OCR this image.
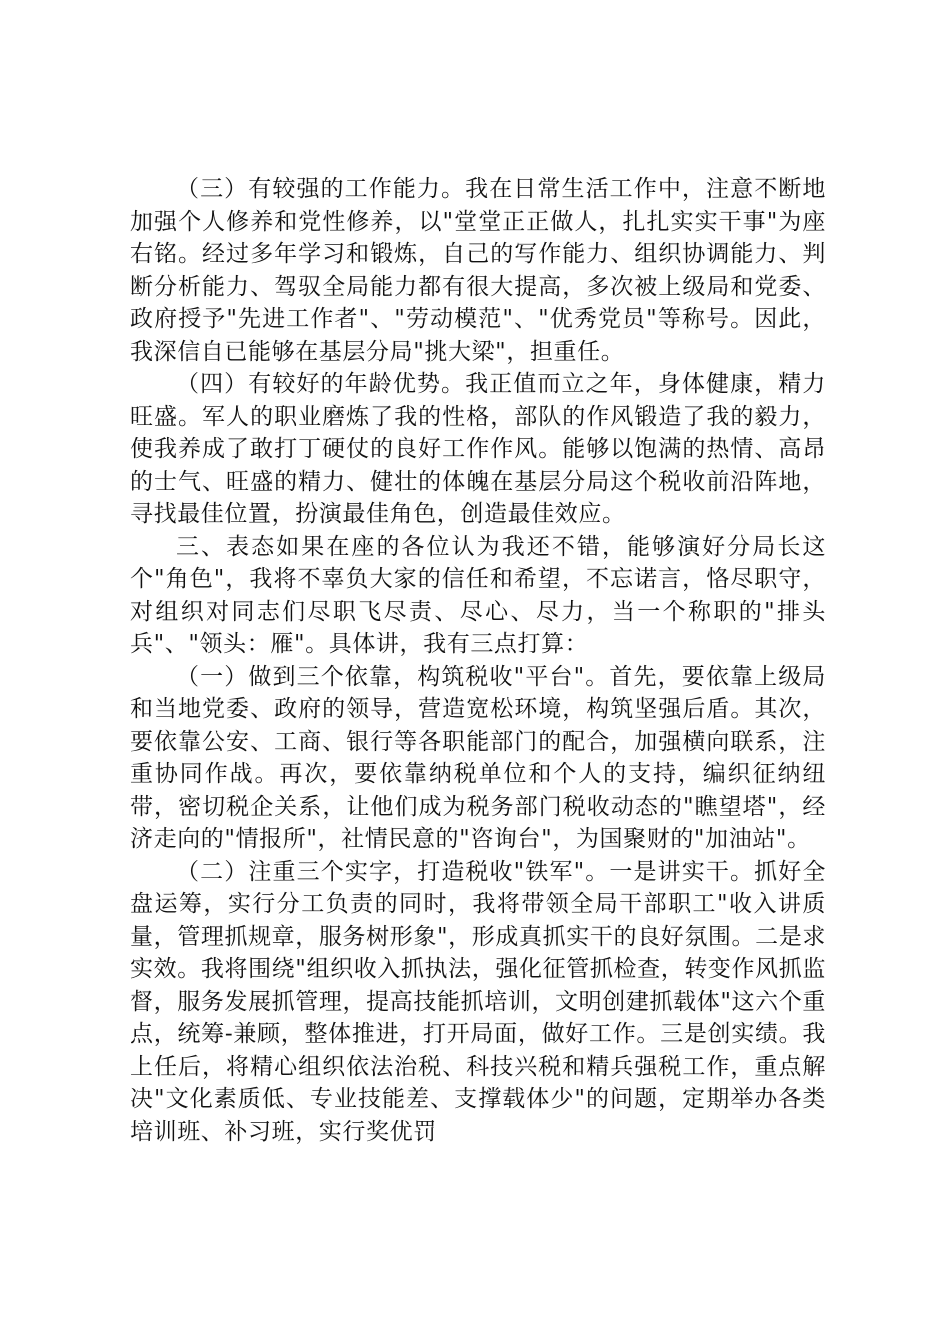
（三）有较强的工作能力。我在日常生活工作中，注意不断地加强个人修养和党性修养，以"堂堂正正做人，扎扎实实干事"为座右铭。经过多年学习和锻炼，自己的写作能力、组织协调能力、判断分析能力、驾驭全局能力都有很大提高，多次被上级局和党委、政府授予"先进工作者"、"劳动模范"、"优秀党员"等称号。因此，我深信自已能够在基层分局"挑大梁"，担重任。

（四）有较好的年龄优势。我正值而立之年，身体健康，精力旺盛。军人的职业磨炼了我的性格，部队的作风锻造了我的毅力，使我养成了敢打丁硬仗的良好工作作风。能够以饱满的热情、高昂的士气、旺盛的精力、健壮的体魄在基层分局这个税收前沿阵地，寻找最佳位置，扮演最佳角色，创造最佳效应。

三、表态如果在座的各位认为我还不错，能够演好分局长这个"角色"，我将不辜负大家的信任和希望，不忘诺言，恪尽职守，对组织对同志们尽职飞尽责、尽心、尽力，当一个称职的"排头兵"、"领头：雁"。具体讲，我有三点打算：

（一）做到三个依靠，构筑税收"平台"。首先，要依靠上级局和当地党委、政府的领导，营造宽松环境，构筑坚强后盾。其次，要依靠公安、工商、银行等各职能部门的配合，加强横向联系，注重协同作战。再次，要依靠纳税单位和个人的支持，编织征纳纽带，密切税企关系，让他们成为税务部门税收动态的"瞧望塔"，经济走向的"情报所"，社情民意的"咨询台"，为国聚财的"加油站"。

（二）注重三个实字，打造税收"铁军"。一是讲实干。抓好全盘运筹，实行分工负责的同时，我将带领全局干部职工"收入讲质量，管理抓规章，服务树形象"，形成真抓实干的良好氛围。二是求实效。我将围绕"组织收入抓执法，强化征管抓检查，转变作风抓监督，服务发展抓管理，提高技能抓培训，文明创建抓载体"这六个重点，统筹-兼顾，整体推进，打开局面，做好工作。三是创实绩。我上任后，将精心组织依法治税、科技兴税和精兵强税工作，重点解决"文化素质低、专业技能差、支撑载体少"的问题，定期举办各类培训班、补习班，实行奖优罚
